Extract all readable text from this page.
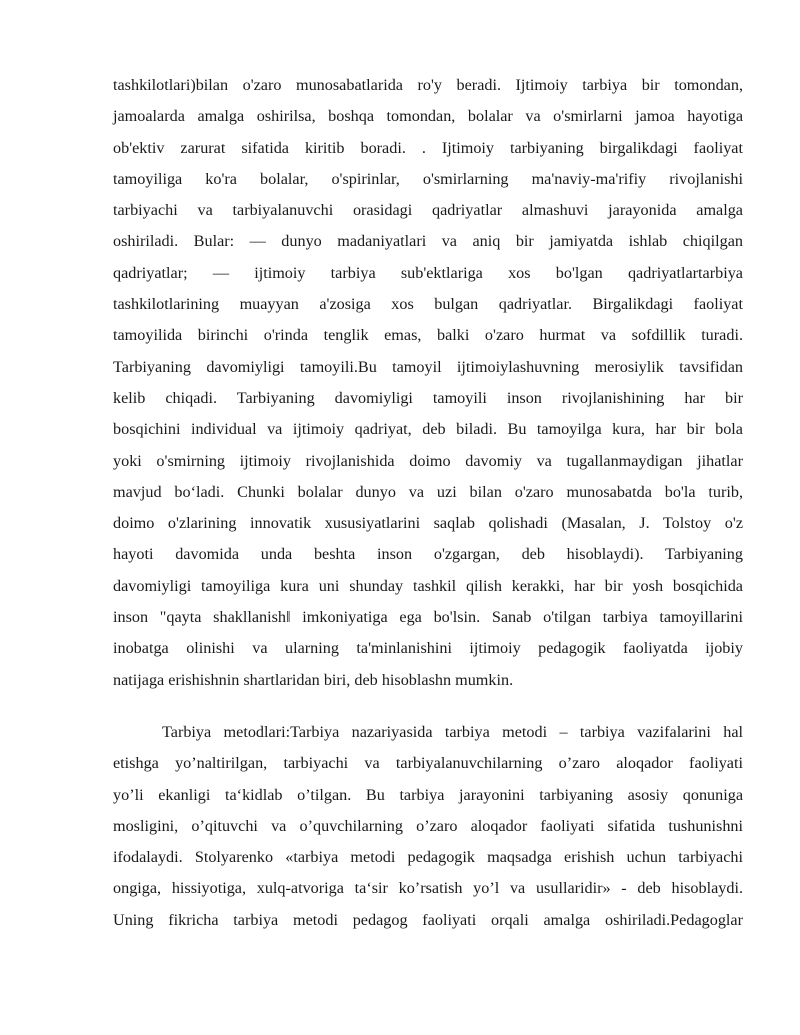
tashkilotlari)bilan o'zaro munosabatlarida ro'y beradi. Ijtimoiy tarbiya bir tomondan,
jamoalarda amalga oshirilsa, boshqa tomondan, bolalar va o'smirlarni jamoa hayotiga
ob'ektiv zarurat sifatida kiritib boradi. . Ijtimoiy tarbiyaning birgalikdagi faoliyat
tamoyiliga ko'ra bolalar, o'spirinlar, o'smirlarning ma'naviy-ma'rifiy rivojlanishi
tarbiyachi va tarbiyalanuvchi orasidagi qadriyatlar almashuvi jarayonida amalga
oshiriladi. Bular: — dunyo madaniyatlari va aniq bir jamiyatda ishlab chiqilgan
qadriyatlar; — ijtimoiy tarbiya sub'ektlariga xos bo'lgan qadriyatlartarbiya
tashkilotlarining muayyan a'zosiga xos bulgan qadriyatlar. Birgalikdagi faoliyat
tamoyilida birinchi o'rinda tenglik emas, balki o'zaro hurmat va sofdillik turadi.
Tarbiyaning davomiyligi tamoyili.Bu tamoyil ijtimoiylashuvning merosiylik tavsifidan
kelib chiqadi. Tarbiyaning davomiyligi tamoyili inson rivojlanishining har bir
bosqichini individual va ijtimoiy qadriyat, deb biladi. Bu tamoyilga kura, har bir bola
yoki o'smirning ijtimoiy rivojlanishida doimo davomiy va tugallanmaydigan jihatlar
mavjud bo‘ladi. Chunki bolalar dunyo va uzi bilan o'zaro munosabatda bo'la turib,
doimo o'zlarining innovatik xususiyatlarini saqlab qolishadi (Masalan, J. Tolstoy o'z
hayoti davomida unda beshta inson o'zgargan, deb hisoblaydi). Tarbiyaning
davomiyligi tamoyiliga kura uni shunday tashkil qilish kerakki, har bir yosh bosqichida
inson "qayta shakllanish‖ imkoniyatiga ega bo'lsin. Sanab o'tilgan tarbiya tamoyillarini
inobatga olinishi va ularning ta'minlanishini ijtimoiy pedagogik faoliyatda ijobiy
natijaga erishishnin shartlaridan biri, deb hisoblashn mumkin.
Tarbiya metodlari:Tarbiya nazariyasida tarbiya metodi – tarbiya vazifalarini hal
etishga yo’naltirilgan, tarbiyachi va tarbiyalanuvchilarning o’zaro aloqador faoliyati
yo’li ekanligi ta‘kidlab o’tilgan. Bu tarbiya jarayonini tarbiyaning asosiy qonuniga
mosligini, o’qituvchi va o’quvchilarning o’zaro aloqador faoliyati sifatida tushunishni
ifodalaydi. Stolyarenko «tarbiya metodi pedagogik maqsadga erishish uchun tarbiyachi
ongiga, hissiyotiga, xulq-atvoriga ta‘sir ko’rsatish yo’l va usullaridir» - deb hisoblaydi.
Uning fikricha tarbiya metodi pedagog faoliyati orqali amalga oshiriladi.Pedagoglar
